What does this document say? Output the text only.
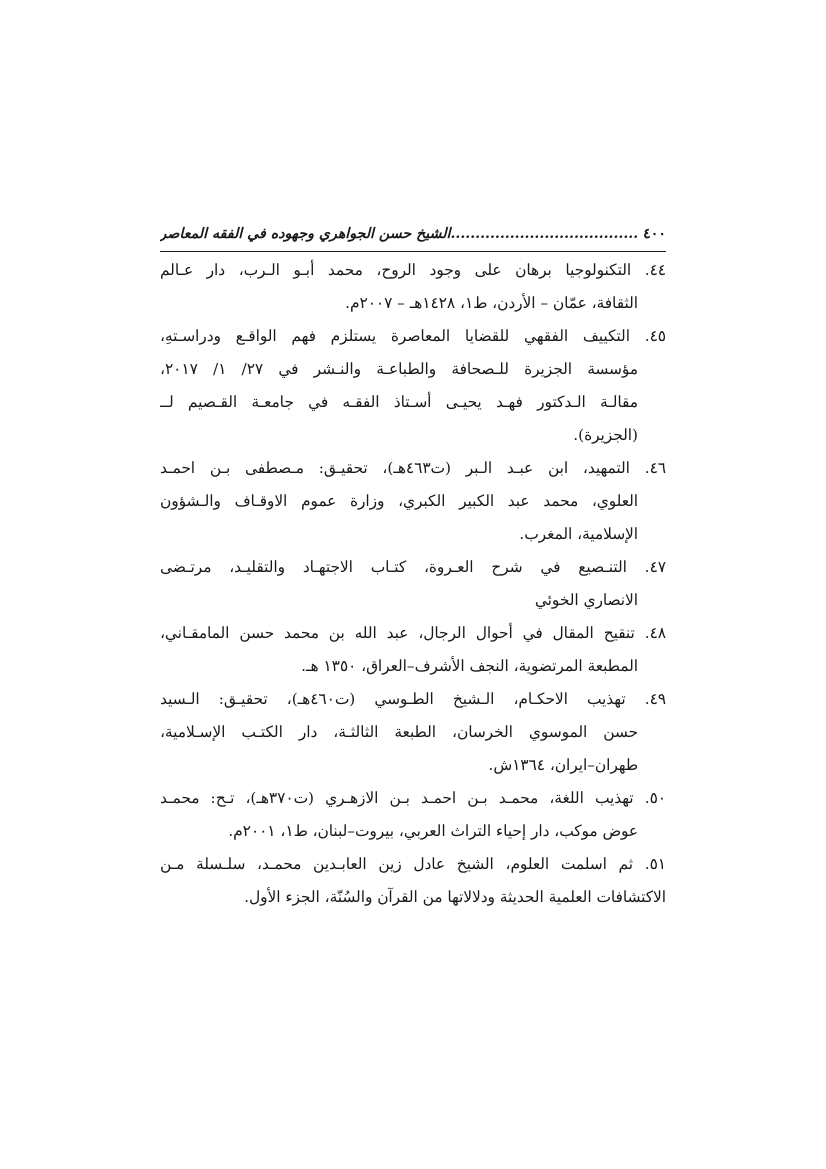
٤٠٠ ......................................الشيخ حسن الجواهري وجهوده في الفقه المعاصر
٤٤. التكنولوجيا برهان على وجود الروح، محمد أبـو الـرب، دار عـالم
الثقافة، عمّان – الأردن، ط١، ١٤٢٨هـ – ٢٠٠٧م.
٤٥. التكييف الفقهي للقضايا المعاصرة يستلزم فهم الواقـع ودراسـتهِ،
مؤسسة الجزيرة للـصحافة والطباعـة والنـشر في ٢٧/ ١/ ٢٠١٧،
مقالـة الـدكتور فهـد يحيـى أسـتاذ الفقـه في جامعـة القـصيم لــ
(الجزيرة).
٤٦. التمهيد، ابن عبـد الـبر (ت٤٦٣هـ)، تحقيـق: مـصطفى بـن احمـد
العلوي، محمد عبد الكبير الكبري، وزارة عموم الاوقـاف والـشؤون
الإسلامية، المغرب.
٤٧. التنـصيع في شرح العـروة، كتـاب الاجتهـاد والتقليـد، مرتـضى
الانصاري الخوئي
٤٨. تنقيح المقال في أحوال الرجال، عبد الله بن محمد حسن المامقـاني،
المطبعة المرتضوية، النجف الأشرف–العراق، ١٣٥٠ هـ.
٤٩. تهذيب الاحكـام، الـشيخ الطـوسي (ت٤٦٠هـ)، تحقيـق: الـسيد
حسن الموسوي الخرسان، الطبعة الثالثـة، دار الكتـب الإسـلامية،
طهران–ايران، ١٣٦٤ش.
٥٠. تهذيب اللغة، محمـد بـن احمـد بـن الازهـري (ت٣٧٠هـ)، تـح: محمـد
عوض موكب، دار إحياء التراث العربي، بيروت–لبنان، ط١، ٢٠٠١م.
٥١. ثم اسلمت العلوم، الشيخ عادل زين العابـدين محمـد، سلـسلة مـن
الاكتشافات العلمية الحديثة ودلالاتها من القرآن والسُنّة، الجزء الأول.
